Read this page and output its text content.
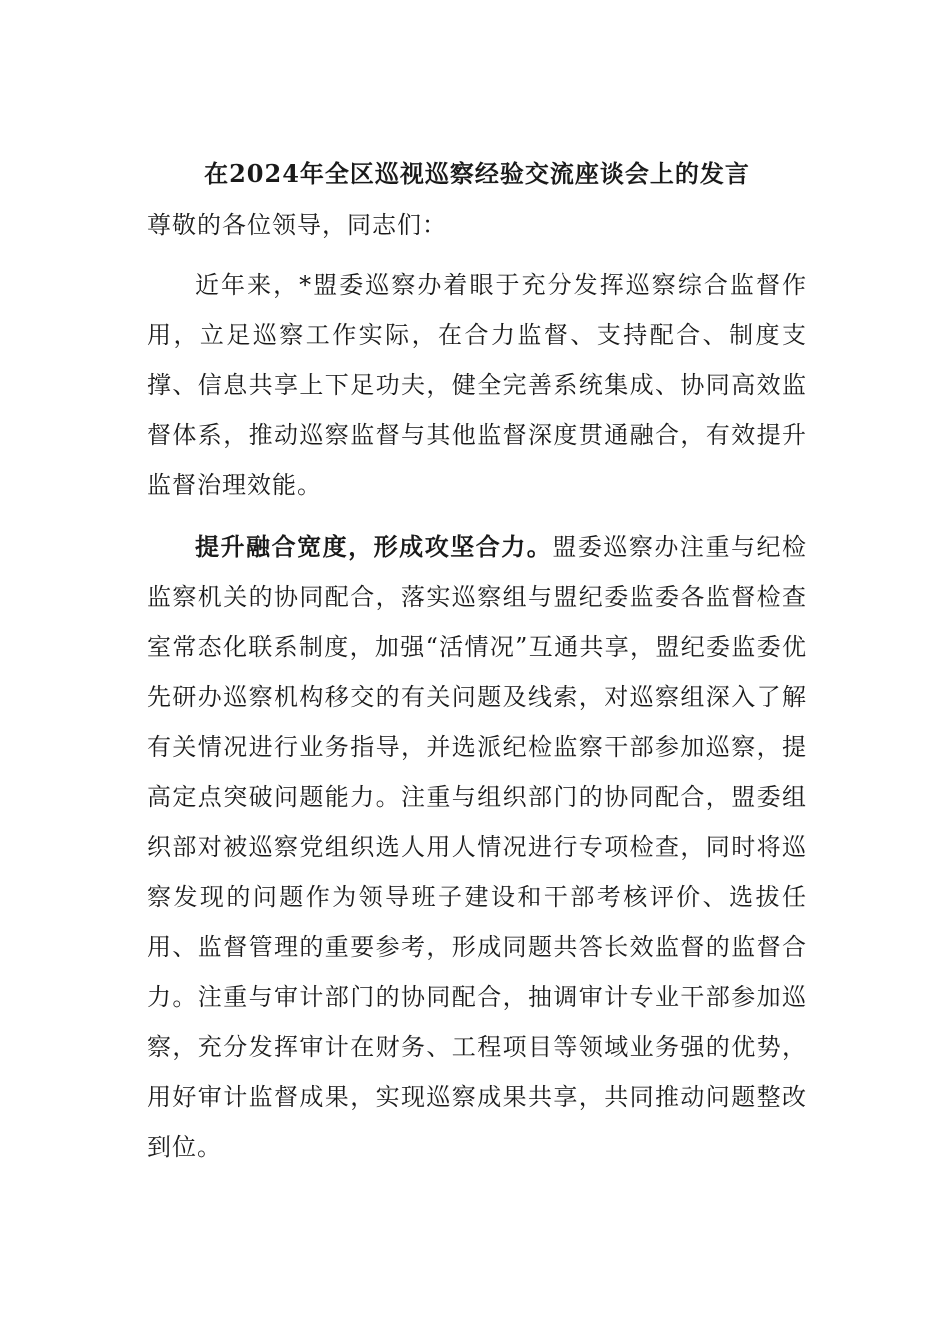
在2024年全区巡视巡察经验交流座谈会上的发言
尊敬的各位领导，同志们：

近年来，*盟委巡察办着眼于充分发挥巡察综合监督作用，立足巡察工作实际，在合力监督、支持配合、制度支撑、信息共享上下足功夫，健全完善系统集成、协同高效监督体系，推动巡察监督与其他监督深度贯通融合，有效提升监督治理效能。

提升融合宽度，形成攻坚合力。盟委巡察办注重与纪检监察机关的协同配合，落实巡察组与盟纪委监委各监督检查室常态化联系制度，加强“活情况”互通共享，盟纪委监委优先研办巡察机构移交的有关问题及线索，对巡察组深入了解有关情况进行业务指导，并选派纪检监察干部参加巡察，提高定点突破问题能力。注重与组织部门的协同配合，盟委组织部对被巡察党组织选人用人情况进行专项检查，同时将巡察发现的问题作为领导班子建设和干部考核评价、选拔任用、监督管理的重要参考，形成同题共答长效监督的监督合力。注重与审计部门的协同配合，抽调审计专业干部参加巡察，充分发挥审计在财务、工程项目等领域业务强的优势，用好审计监督成果，实现巡察成果共享，共同推动问题整改到位。
